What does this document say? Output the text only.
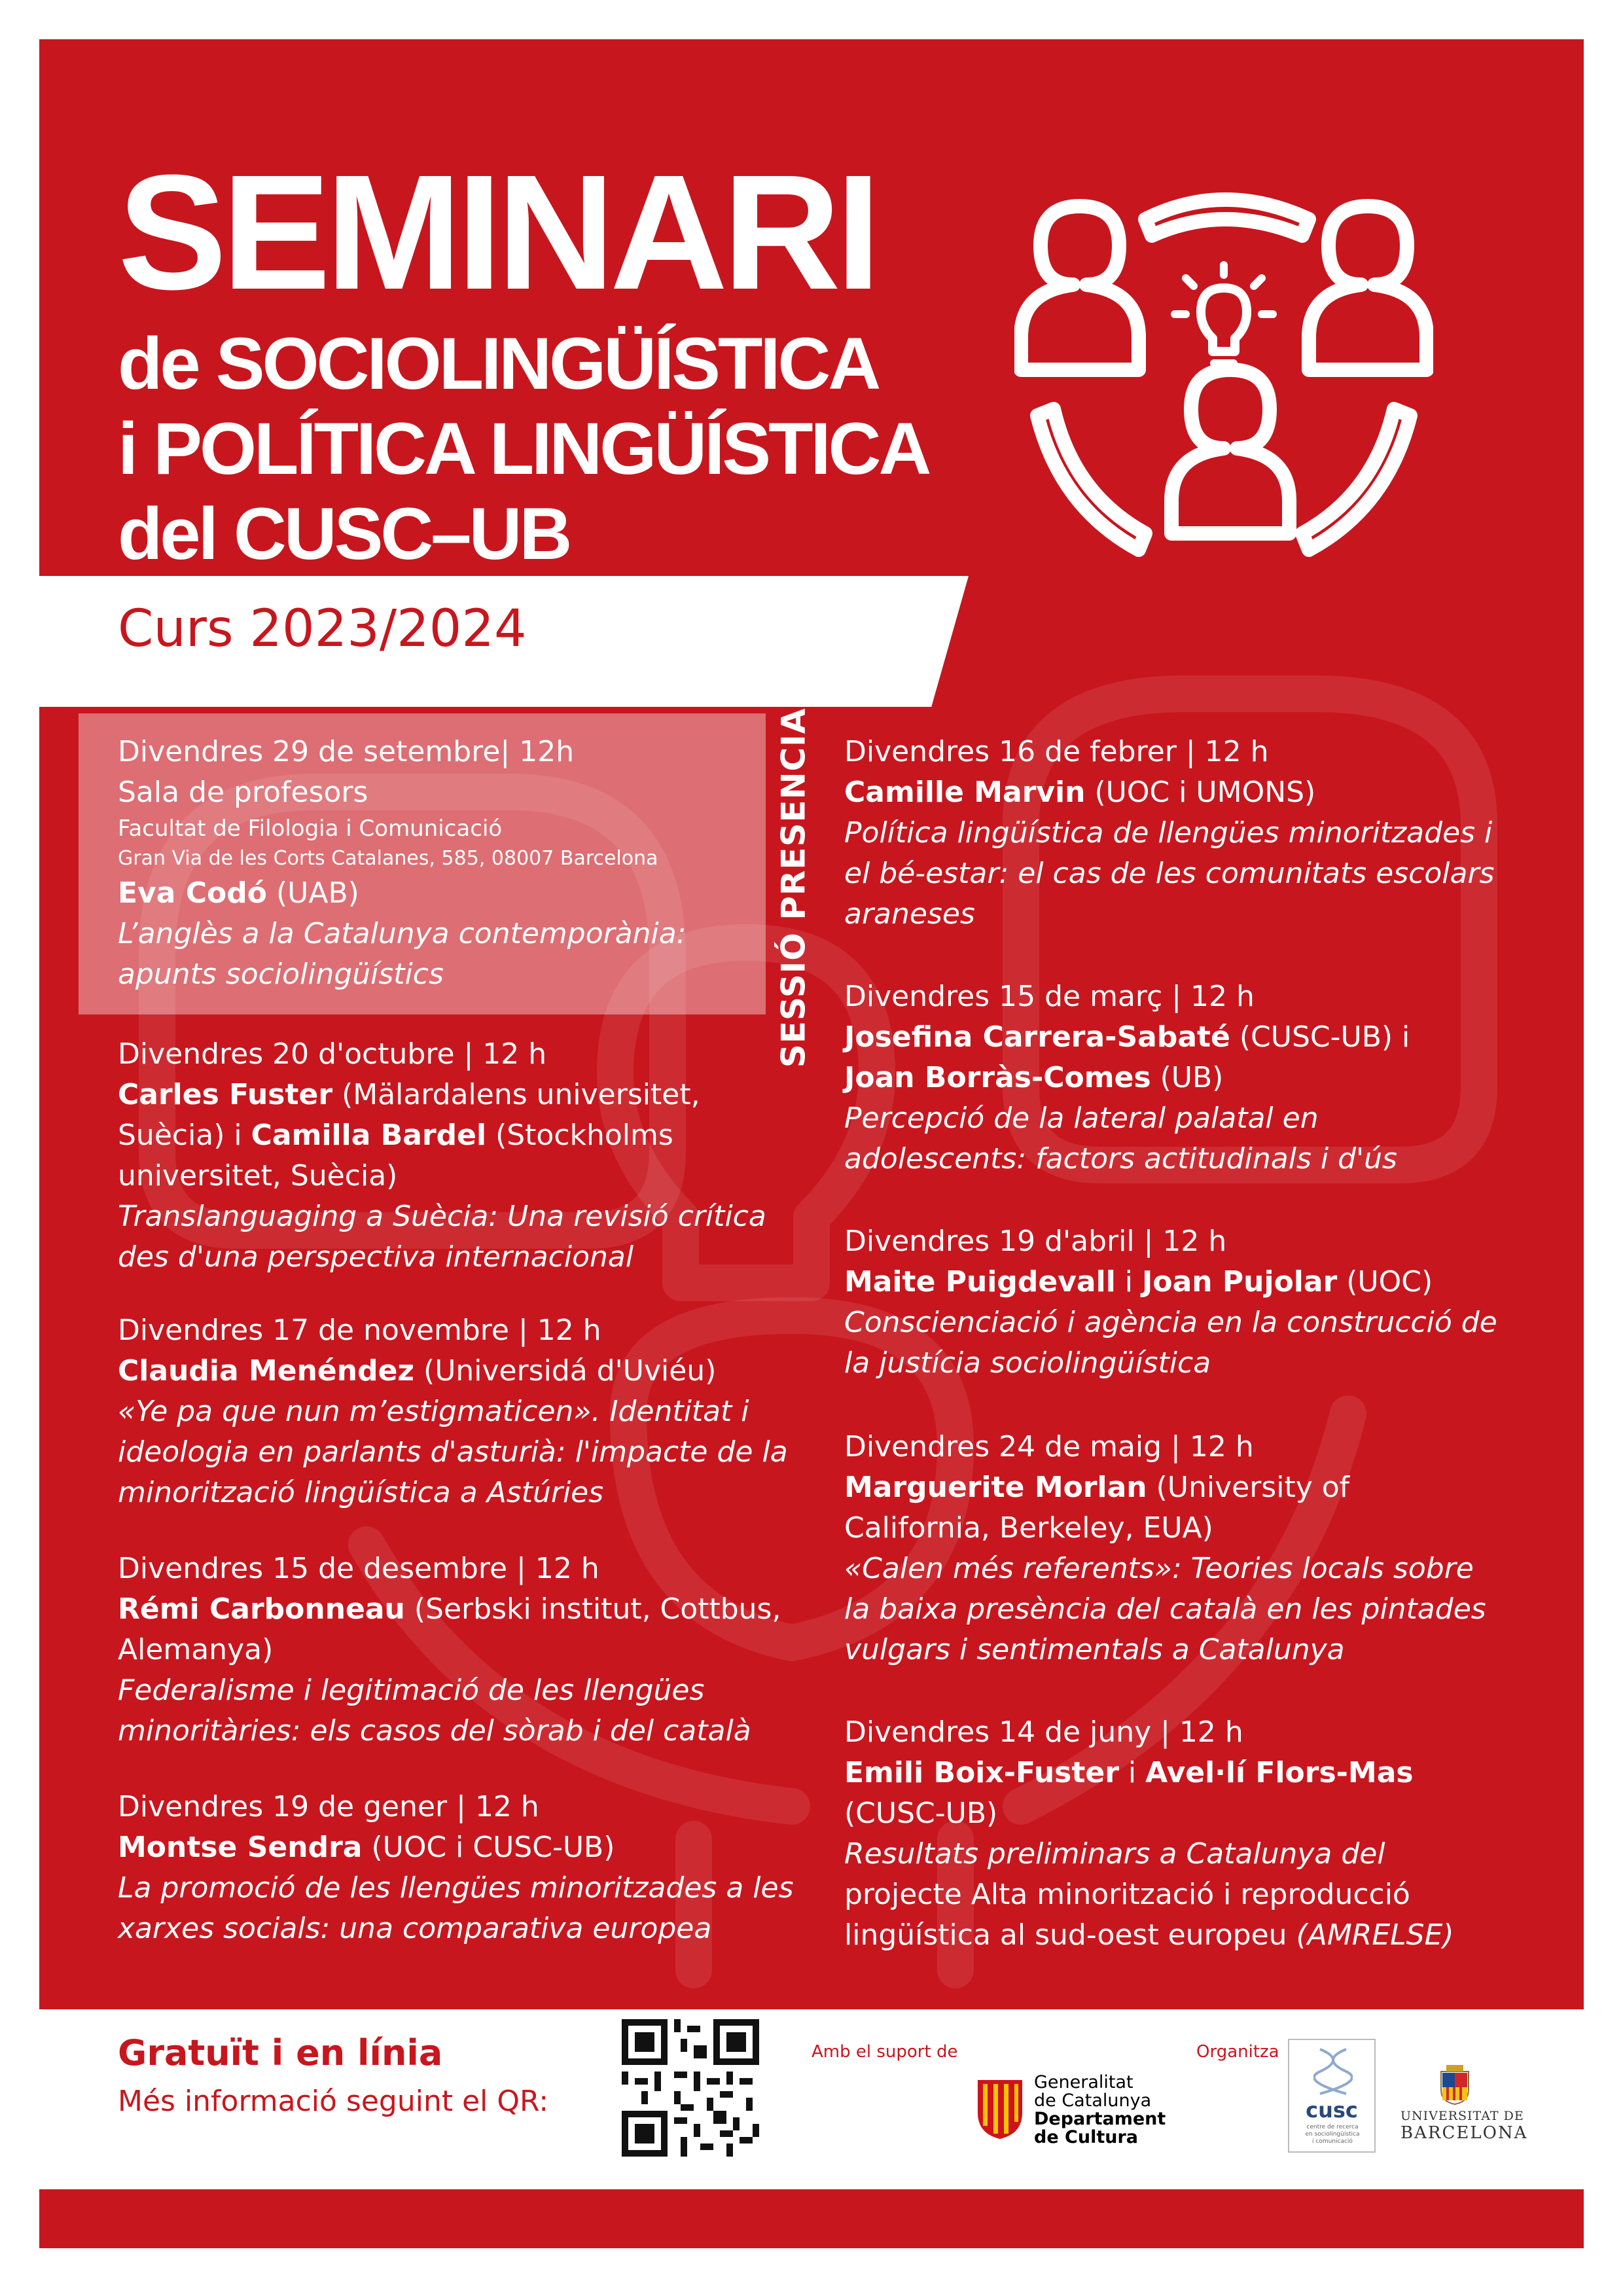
SEMINARI
de SOCIOLINGÜÍSTICA
i POLÍTICA LINGÜÍSTICA
del CUSC–UB
Curs 2023/2024
SESSIÓ PRESENCIAL
Divendres 29 de setembre| 12h
Sala de profesors
Facultat de Filologia i Comunicació
Gran Via de les Corts Catalanes, 585, 08007 Barcelona
Eva Codó (UAB)
L’anglès a la Catalunya contemporània:
apunts sociolingüístics
Divendres 20 d'octubre | 12 h
Carles Fuster (Mälardalens universitet,
Suècia) i Camilla Bardel (Stockholms
universitet, Suècia)
Translanguaging a Suècia: Una revisió crítica
des d'una perspectiva internacional
Divendres 17 de novembre | 12 h
Claudia Menéndez (Universidá d'Uviéu)
«Ye pa que nun m’estigmaticen». Identitat i
ideologia en parlants d'asturià: l'impacte de la
minorització lingüística a Astúries
Divendres 15 de desembre | 12 h
Rémi Carbonneau (Serbski institut, Cottbus,
Alemanya)
Federalisme i legitimació de les llengües
minoritàries: els casos del sòrab i del català
Divendres 19 de gener | 12 h
Montse Sendra (UOC i CUSC-UB)
La promoció de les llengües minoritzades a les
xarxes socials: una comparativa europea
Divendres 16 de febrer | 12 h
Camille Marvin (UOC i UMONS)
Política lingüística de llengües minoritzades i
el bé-estar: el cas de les comunitats escolars
araneses
Divendres 15 de març | 12 h
Josefina Carrera-Sabaté (CUSC-UB) i
Joan Borràs-Comes (UB)
Percepció de la lateral palatal en
adolescents: factors actitudinals i d'ús
Divendres 19 d'abril | 12 h
Maite Puigdevall i Joan Pujolar (UOC)
Conscienciació i agència en la construcció de
la justícia sociolingüística
Divendres 24 de maig | 12 h
Marguerite Morlan (University of
California, Berkeley, EUA)
«Calen més referents»: Teories locals sobre
la baixa presència del català en les pintades
vulgars i sentimentals a Catalunya
Divendres 14 de juny | 12 h
Emili Boix-Fuster i Avel·lí Flors-Mas
(CUSC-UB)
Resultats preliminars a Catalunya del
projecte Alta minorització i reproducció
lingüística al sud-oest europeu (AMRELSE)
Gratuït i en línia
Més informació seguint el QR:
Amb el suport de
Generalitat
de Catalunya
Departament
de Cultura
Organitza
cusc
centre de recerca
en sociolingüística
i comunicació
UNIVERSITAT DE
BARCELONA
